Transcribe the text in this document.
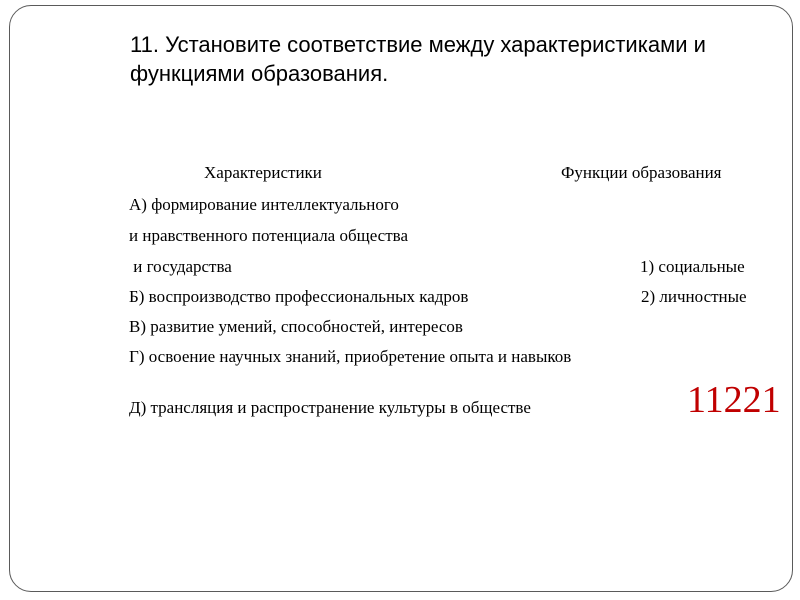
11. Установите соответствие между характеристиками и функциями образования.
Характеристики	Функции образования
А) формирование интеллектуального
и нравственного потенциала общества
и государства
Б) воспроизводство профессиональных кадров
В) развитие умений, способностей, интересов
Г) освоение научных знаний, приобретение опыта и навыков
Д) трансляция и распространение культуры в обществе
1) социальные
2) личностные
11221
